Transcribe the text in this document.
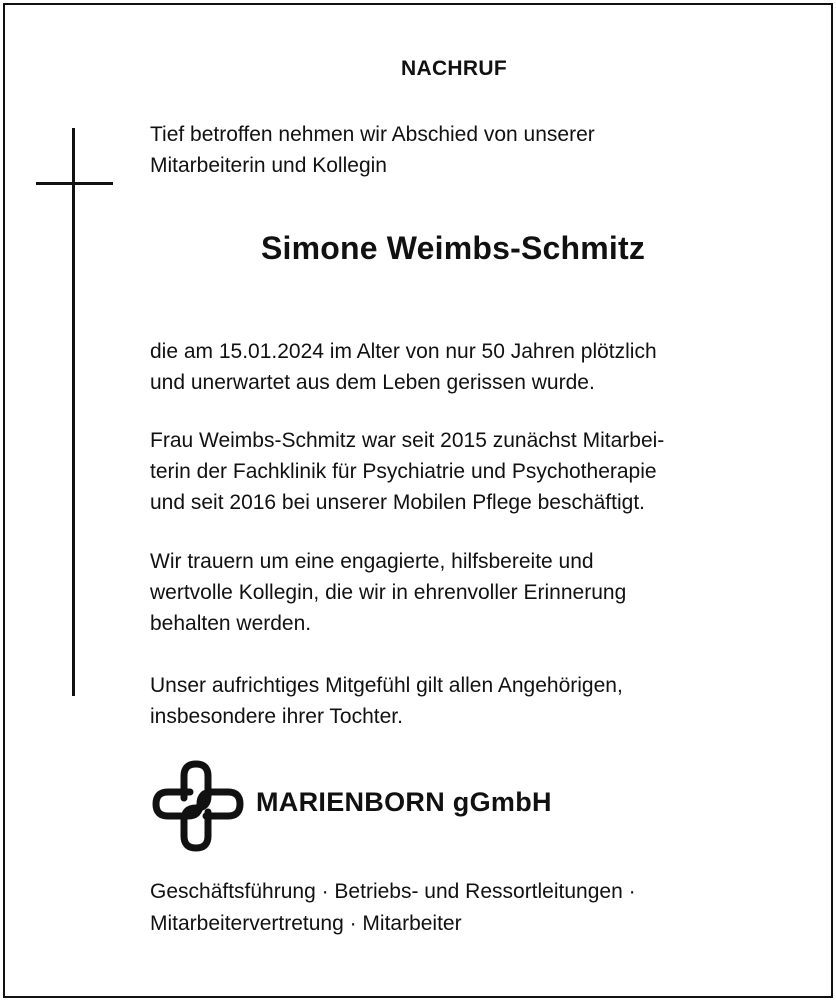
NACHRUF

Tief betroffen nehmen wir Abschied von unserer
Mitarbeiterin und Kollegin

Simone Weimbs-Schmitz

die am 15.01.2024 im Alter von nur 50 Jahren plötzlich
und unerwartet aus dem Leben gerissen wurde.

Frau Weimbs-Schmitz war seit 2015 zunächst Mitarbei-
terin der Fachklinik für Psychiatrie und Psychotherapie
und seit 2016 bei unserer Mobilen Pflege beschäftigt.

Wir trauern um eine engagierte, hilfsbereite und
wertvolle Kollegin, die wir in ehrenvoller Erinnerung
behalten werden.

Unser aufrichtiges Mitgefühl gilt allen Angehörigen,
insbesondere ihrer Tochter.

MARIENBORN gGmbH
Geschäftsführung · Betriebs- und Ressortleitungen ·
Mitarbeitervertretung · Mitarbeiter
